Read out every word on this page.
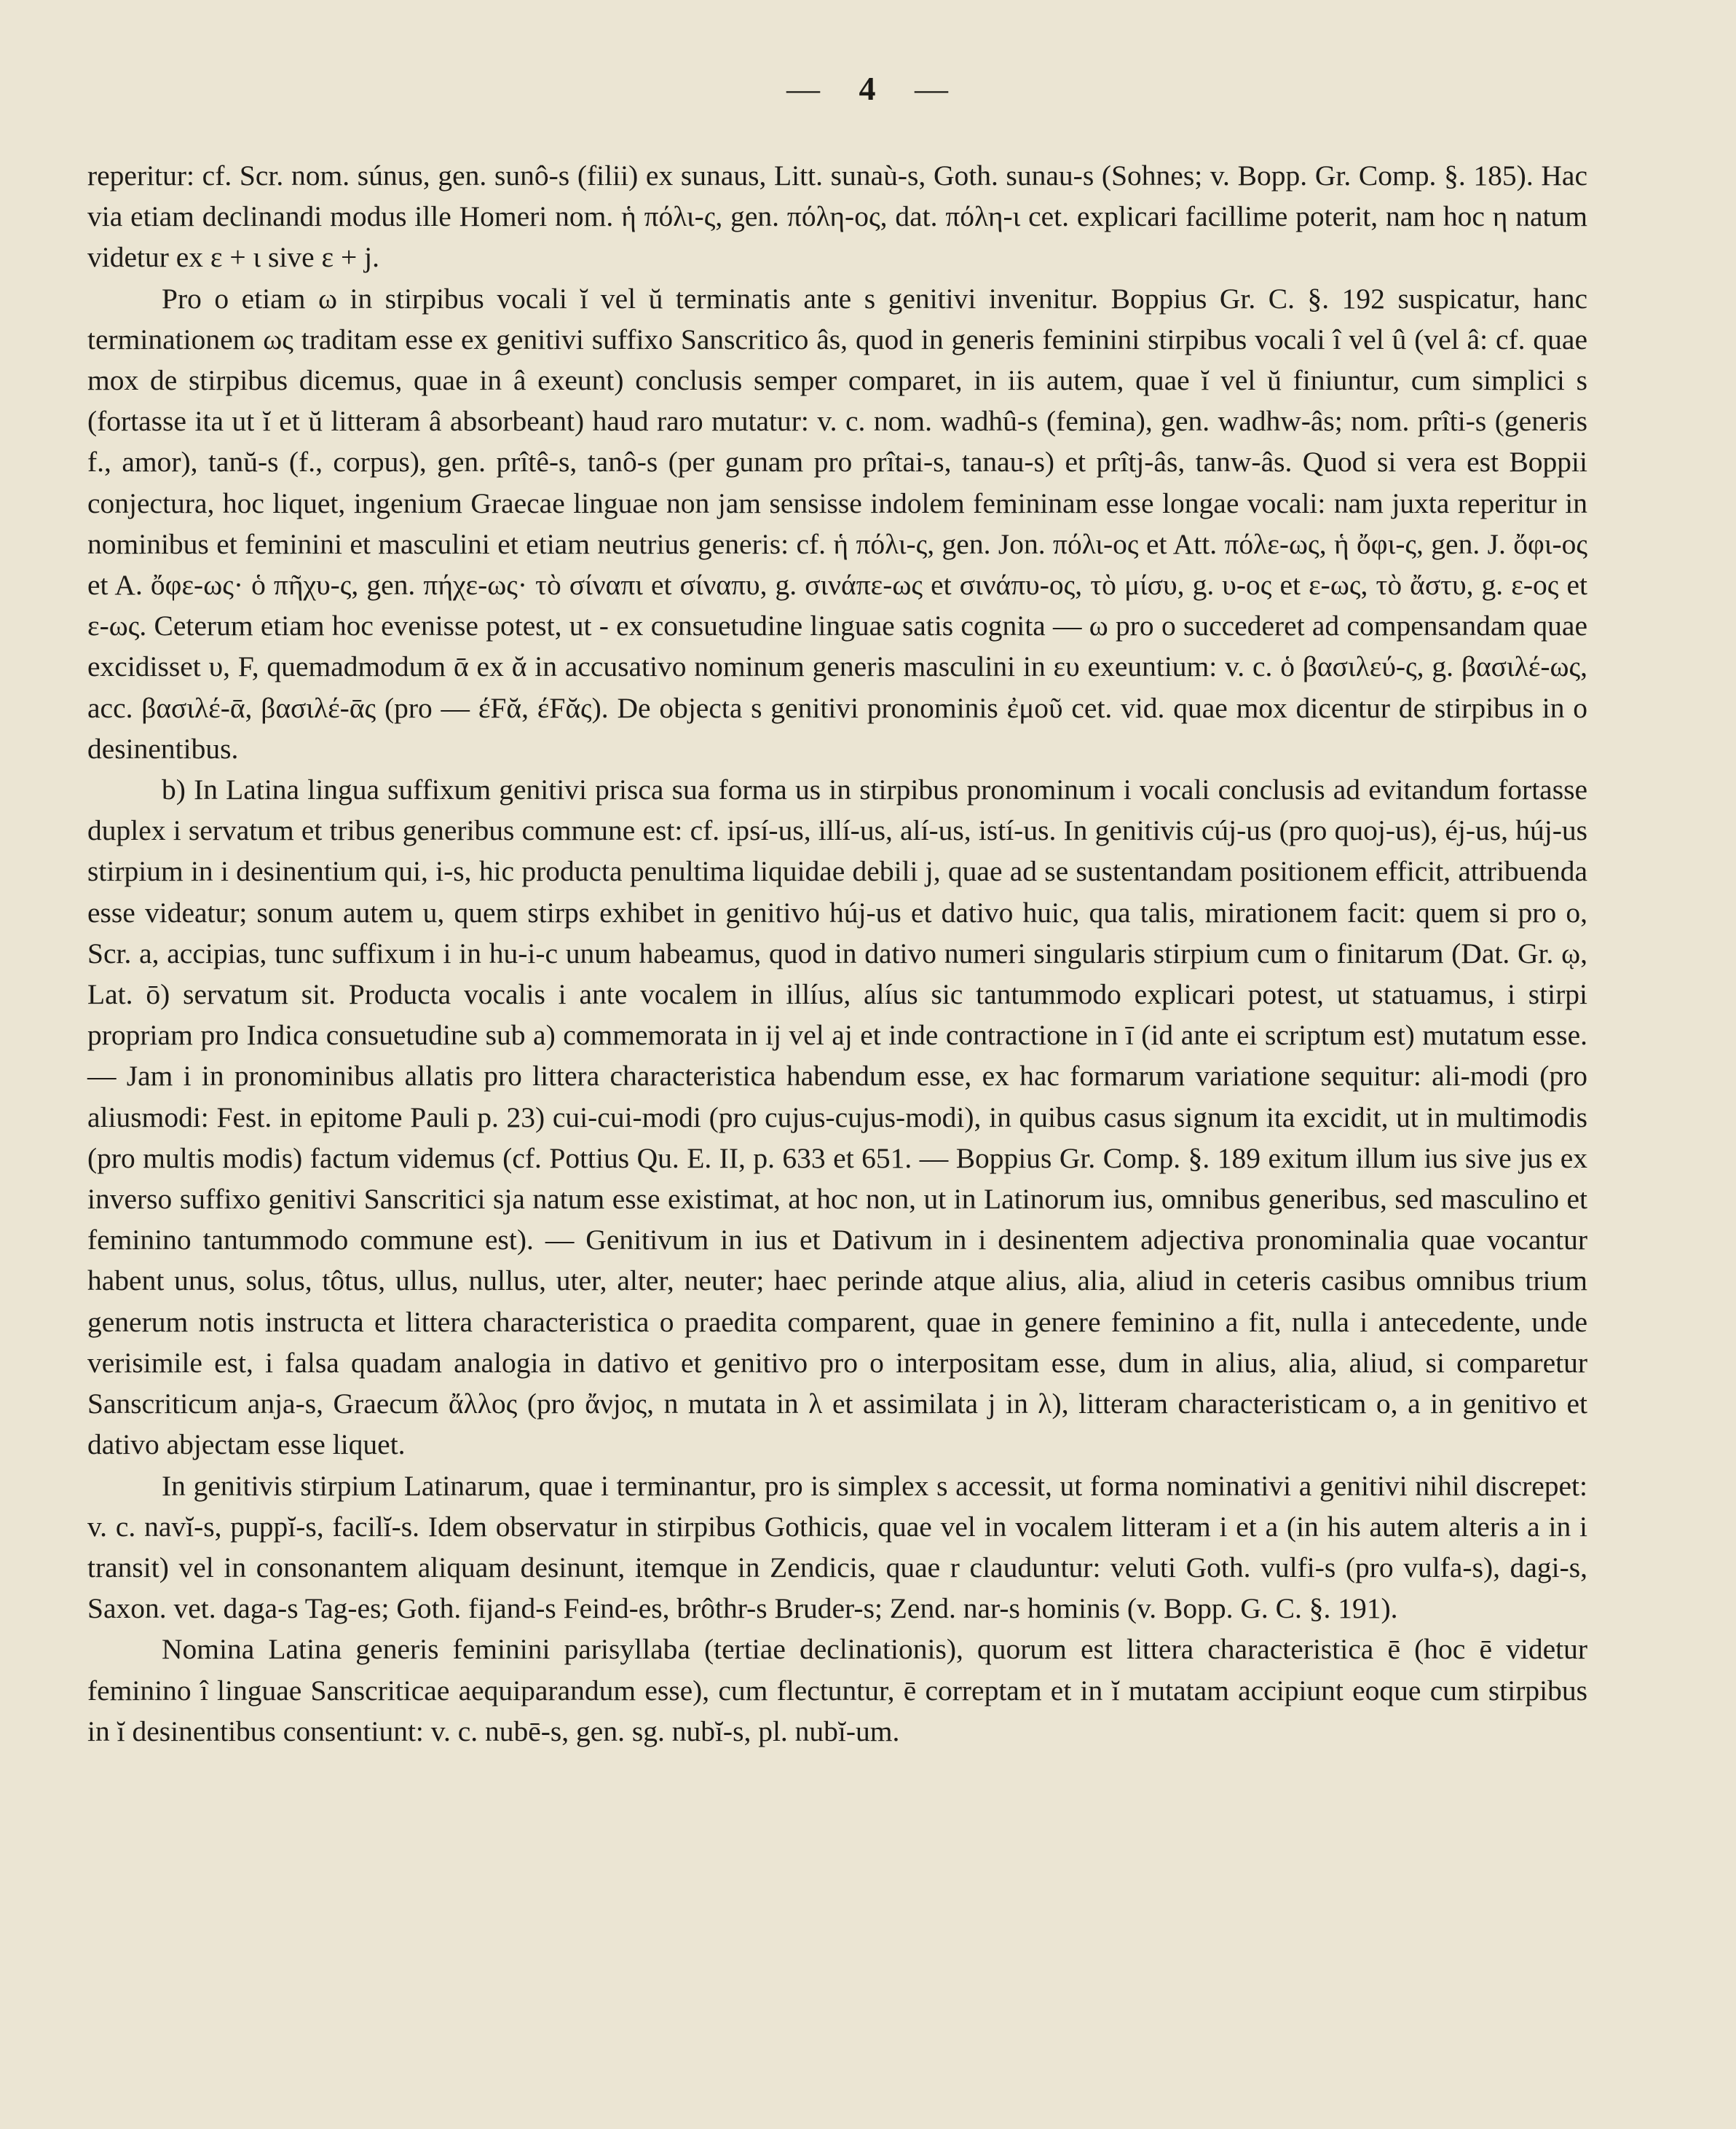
— 4 —

reperitur: cf. Scr. nom. súnus, gen. sunô-s (filii) ex sunaus, Litt. sunaù-s, Goth. sunau-s (Sohnes; v. Bopp. Gr. Comp. §. 185). Hac via etiam declinandi modus ille Homeri nom. ἡ πόλι-ς, gen. πόλη-ος, dat. πόλη-ι cet. explicari facillime poterit, nam hoc η natum videtur ex ε + ι sive ε + j.

Pro ο etiam ω in stirpibus vocali ĭ vel ŭ terminatis ante s genitivi invenitur. Boppius Gr. C. §. 192 suspicatur, hanc terminationem ως traditam esse ex genitivi suffixo Sanscritico âs, quod in generis feminini stirpibus vocali î vel û (vel â: cf. quae mox de stirpibus dicemus, quae in â exeunt) conclusis semper comparet, in iis autem, quae ĭ vel ŭ finiuntur, cum simplici s (fortasse ita ut ĭ et ŭ litteram â absorbeant) haud raro mutatur: v. c. nom. wadhû-s (femina), gen. wadhw-âs; nom. prîti-s (generis f., amor), tanŭ-s (f., corpus), gen. prîtê-s, tanô-s (per gunam pro prîtai-s, tanau-s) et prîtj-âs, tanw-âs. Quod si vera est Boppii conjectura, hoc liquet, ingenium Graecae linguae non jam sensisse indolem femininam esse longae vocali: nam juxta reperitur in nominibus et feminini et masculini et etiam neutrius generis: cf. ἡ πόλι-ς, gen. Jon. πόλι-ος et Att. πόλε-ως, ἡ ὄφι-ς, gen. J. ὄφι-ος et A. ὄφε-ως· ὁ πῆχυ-ς, gen. πήχε-ως· τὸ σίναπι et σίναπυ, g. σινάπε-ως et σινάπυ-ος, τὸ μίσυ, g. υ-ος et ε-ως, τὸ ἄστυ, g. ε-ος et ε-ως. Ceterum etiam hoc evenisse potest, ut - ex consuetudine linguae satis cognita — ω pro ο succederet ad compensandam quae excidisset υ, F, quemadmodum ᾱ ex ᾰ in accusativo nominum generis masculini in ευ exeuntium: v. c. ὁ βασιλεύ-ς, g. βασιλέ-ως, acc. βασιλέ-ᾱ, βασιλέ-ᾱς (pro — έFᾰ, έFᾰς). De objecta s genitivi pronominis ἐμοῦ cet. vid. quae mox dicentur de stirpibus in o desinentibus.

b) In Latina lingua suffixum genitivi prisca sua forma us in stirpibus pronominum i vocali conclusis ad evitandum fortasse duplex i servatum et tribus generibus commune est: cf. ipsí-us, illí-us, alí-us, istí-us. In genitivis cúj-us (pro quoj-us), éj-us, húj-us stirpium in i desinentium qui, i-s, hic producta penultima liquidae debili j, quae ad se sustentandam positionem efficit, attribuenda esse videatur; sonum autem u, quem stirps exhibet in genitivo húj-us et dativo huic, qua talis, mirationem facit: quem si pro o, Scr. a, accipias, tunc suffixum i in hu-i-c unum habeamus, quod in dativo numeri singularis stirpium cum o finitarum (Dat. Gr. ῳ, Lat. ō) servatum sit. Producta vocalis i ante vocalem in illíus, alíus sic tantummodo explicari potest, ut statuamus, i stirpi propriam pro Indica consuetudine sub a) commemorata in ij vel aj et inde contractione in ī (id ante ei scriptum est) mutatum esse. — Jam i in pronominibus allatis pro littera characteristica habendum esse, ex hac formarum variatione sequitur: ali-modi (pro aliusmodi: Fest. in epitome Pauli p. 23) cui-cui-modi (pro cujus-cujus-modi), in quibus casus signum ita excidit, ut in multimodis (pro multis modis) factum videmus (cf. Pottius Qu. E. II, p. 633 et 651. — Boppius Gr. Comp. §. 189 exitum illum ius sive jus ex inverso suffixo genitivi Sanscritici sja natum esse existimat, at hoc non, ut in Latinorum ius, omnibus generibus, sed masculino et feminino tantummodo commune est). — Genitivum in ius et Dativum in i desinentem adjectiva pronominalia quae vocantur habent unus, solus, tôtus, ullus, nullus, uter, alter, neuter; haec perinde atque alius, alia, aliud in ceteris casibus omnibus trium generum notis instructa et littera characteristica o praedita comparent, quae in genere feminino a fit, nulla i antecedente, unde verisimile est, i falsa quadam analogia in dativo et genitivo pro o interpositam esse, dum in alius, alia, aliud, si comparetur Sanscriticum anja-s, Graecum ἄλλος (pro ἄνjος, n mutata in λ et assimilata j in λ), litteram characteristicam o, a in genitivo et dativo abjectam esse liquet.

In genitivis stirpium Latinarum, quae i terminantur, pro is simplex s accessit, ut forma nominativi a genitivi nihil discrepet: v. c. navĭ-s, puppĭ-s, facilĭ-s. Idem observatur in stirpibus Gothicis, quae vel in vocalem litteram i et a (in his autem alteris a in i transit) vel in consonantem aliquam desinunt, itemque in Zendicis, quae r clauduntur: veluti Goth. vulfi-s (pro vulfa-s), dagi-s, Saxon. vet. daga-s Tag-es; Goth. fijand-s Feind-es, brôthr-s Bruder-s; Zend. nar-s hominis (v. Bopp. G. C. §. 191).

Nomina Latina generis feminini parisyllaba (tertiae declinationis), quorum est littera characteristica ē (hoc ē videtur feminino î linguae Sanscriticae aequiparandum esse), cum flectuntur, ē correptam et in ĭ mutatam accipiunt eoque cum stirpibus in ĭ desinentibus consentiunt: v. c. nubē-s, gen. sg. nubĭ-s, pl. nubĭ-um.
